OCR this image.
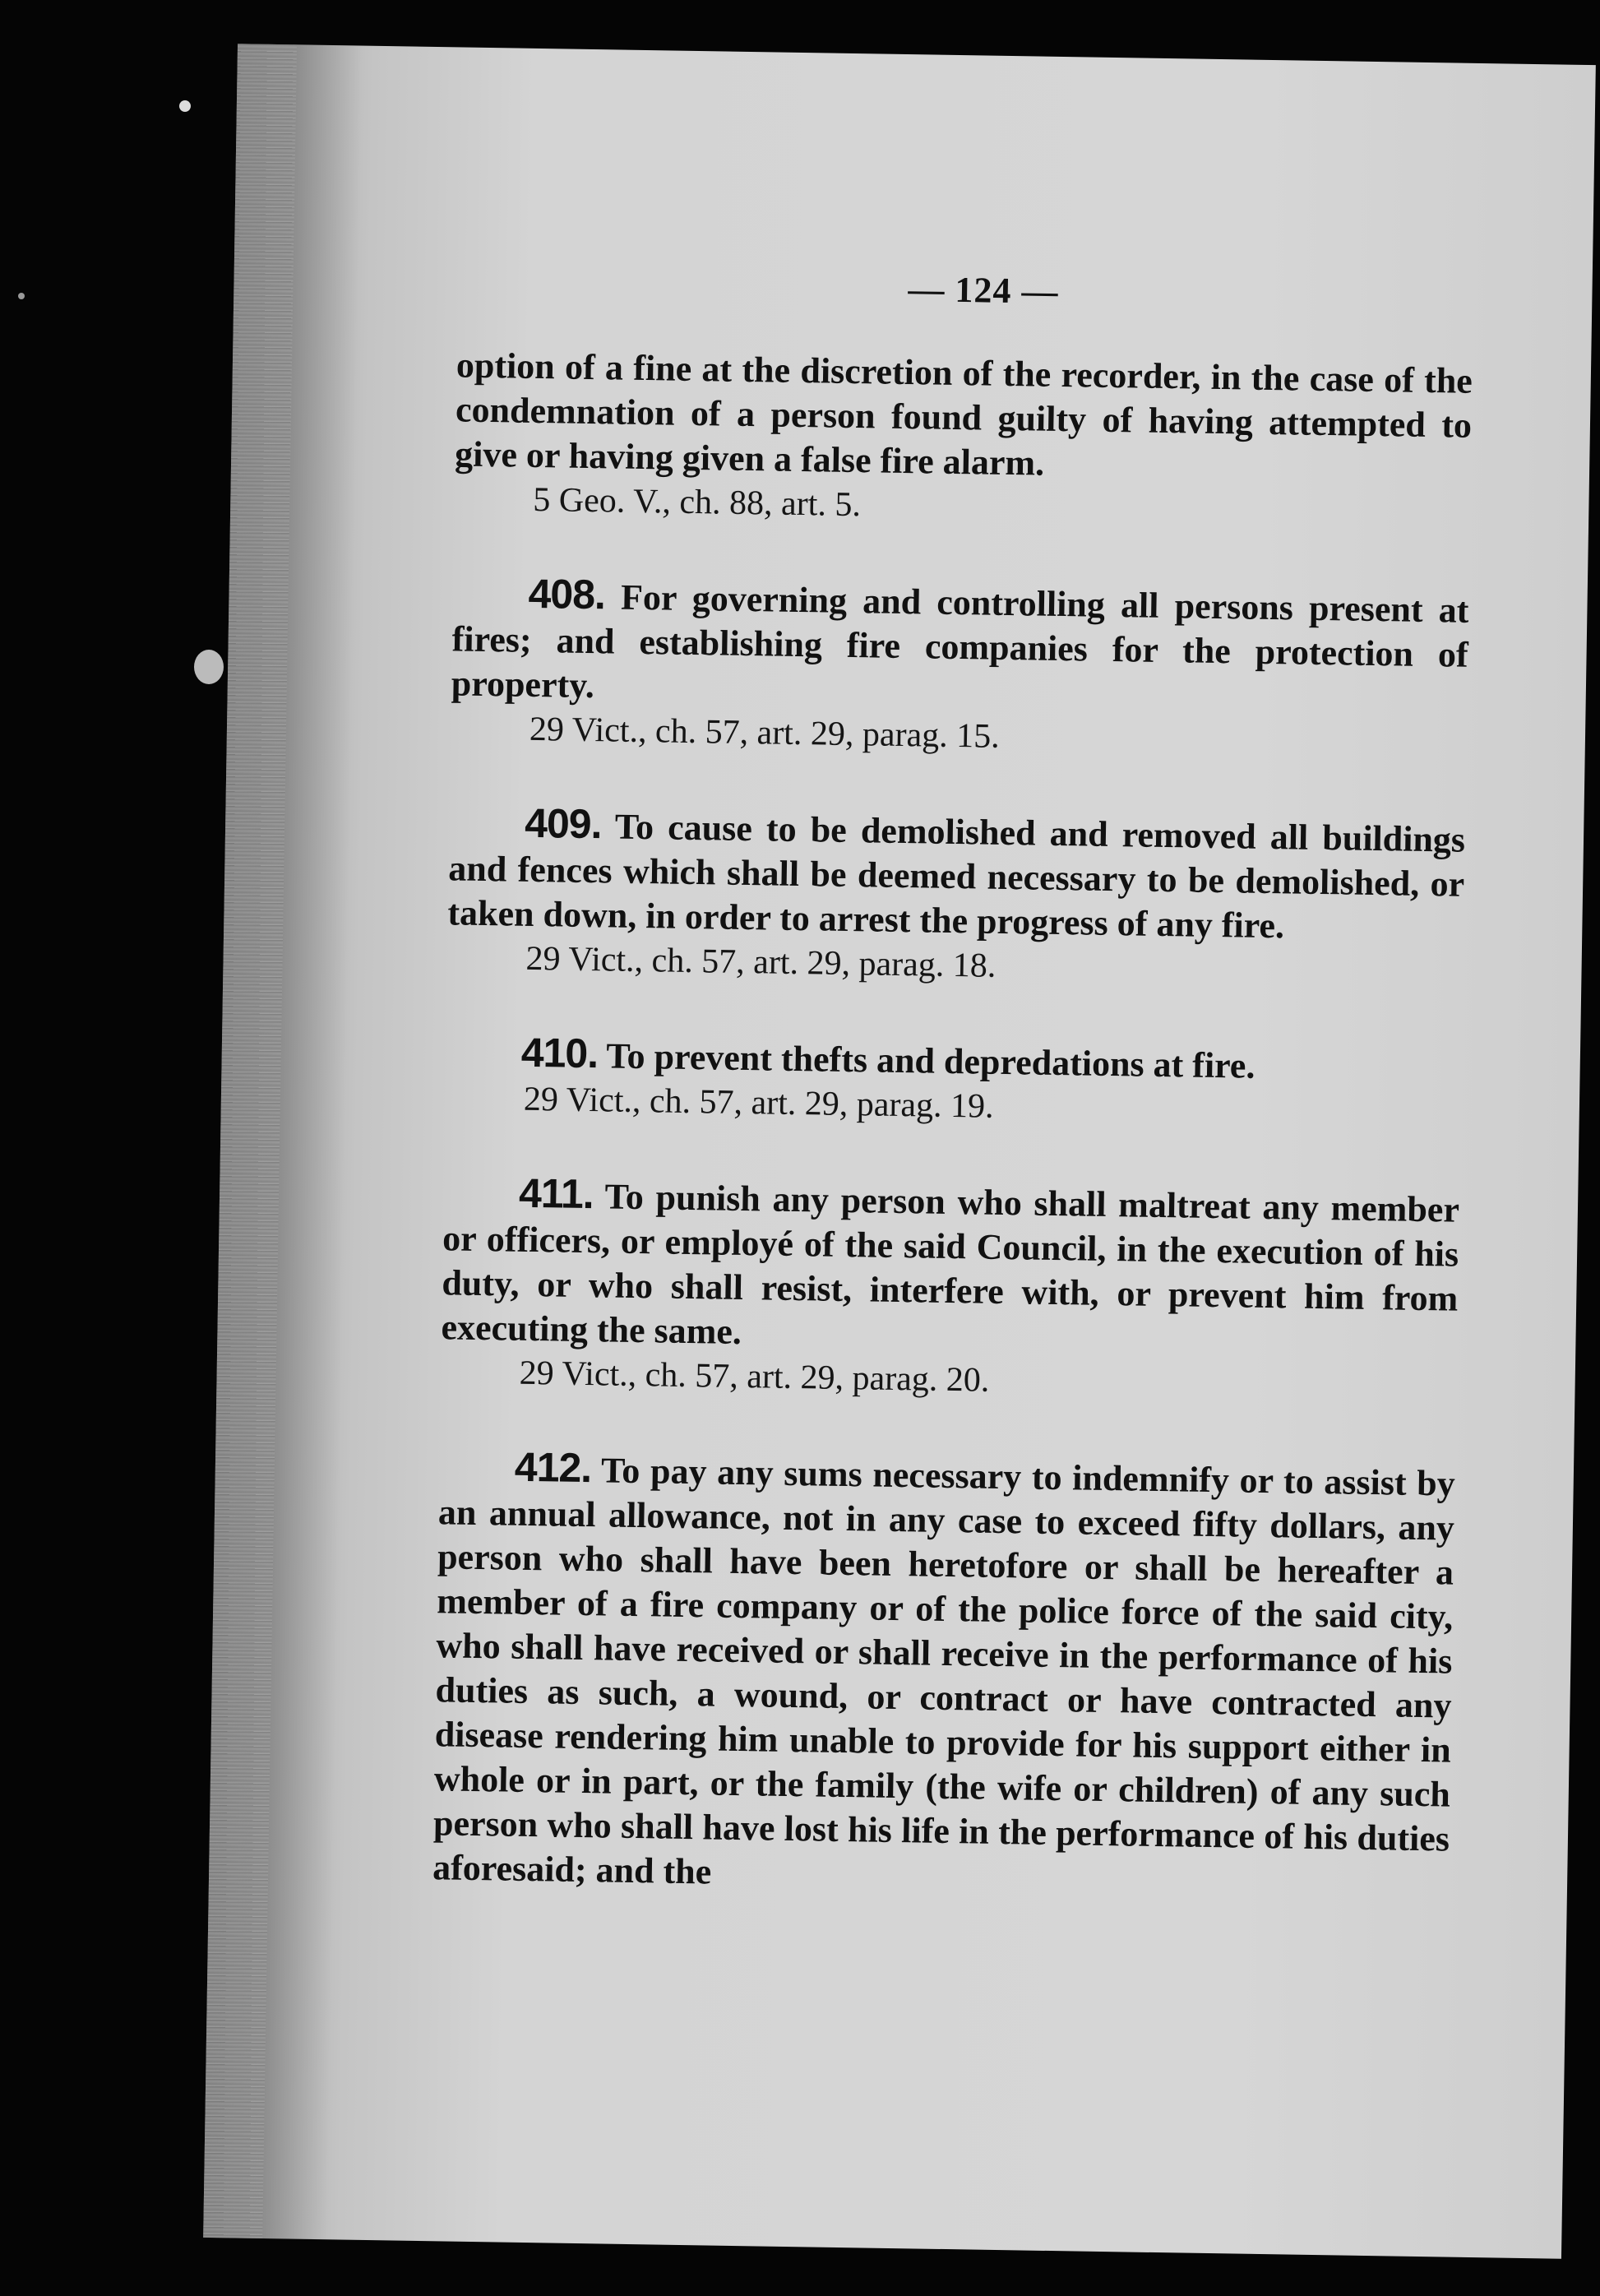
— 124 —

option of a fine at the discretion of the recorder, in the case of the condemnation of a person found guilty of having attempted to give or having given a false fire alarm.

5 Geo. V., ch. 88, art. 5.

408. For governing and controlling all persons present at fires; and establishing fire companies for the protection of property.

29 Vict., ch. 57, art. 29, parag. 15.

409. To cause to be demolished and removed all buildings and fences which shall be deemed necessary to be demolished, or taken down, in order to arrest the progress of any fire.

29 Vict., ch. 57, art. 29, parag. 18.

410. To prevent thefts and depredations at fire.

29 Vict., ch. 57, art. 29, parag. 19.

411. To punish any person who shall maltreat any member or officers, or employé of the said Council, in the execution of his duty, or who shall resist, interfere with, or prevent him from executing the same.

29 Vict., ch. 57, art. 29, parag. 20.

412. To pay any sums necessary to indemnify or to assist by an annual allowance, not in any case to exceed fifty dollars, any person who shall have been heretofore or shall be hereafter a member of a fire company or of the police force of the said city, who shall have received or shall receive in the performance of his duties as such, a wound, or contract or have contracted any disease rendering him unable to provide for his support either in whole or in part, or the family (the wife or children) of any such person who shall have lost his life in the performance of his duties aforesaid; and the
